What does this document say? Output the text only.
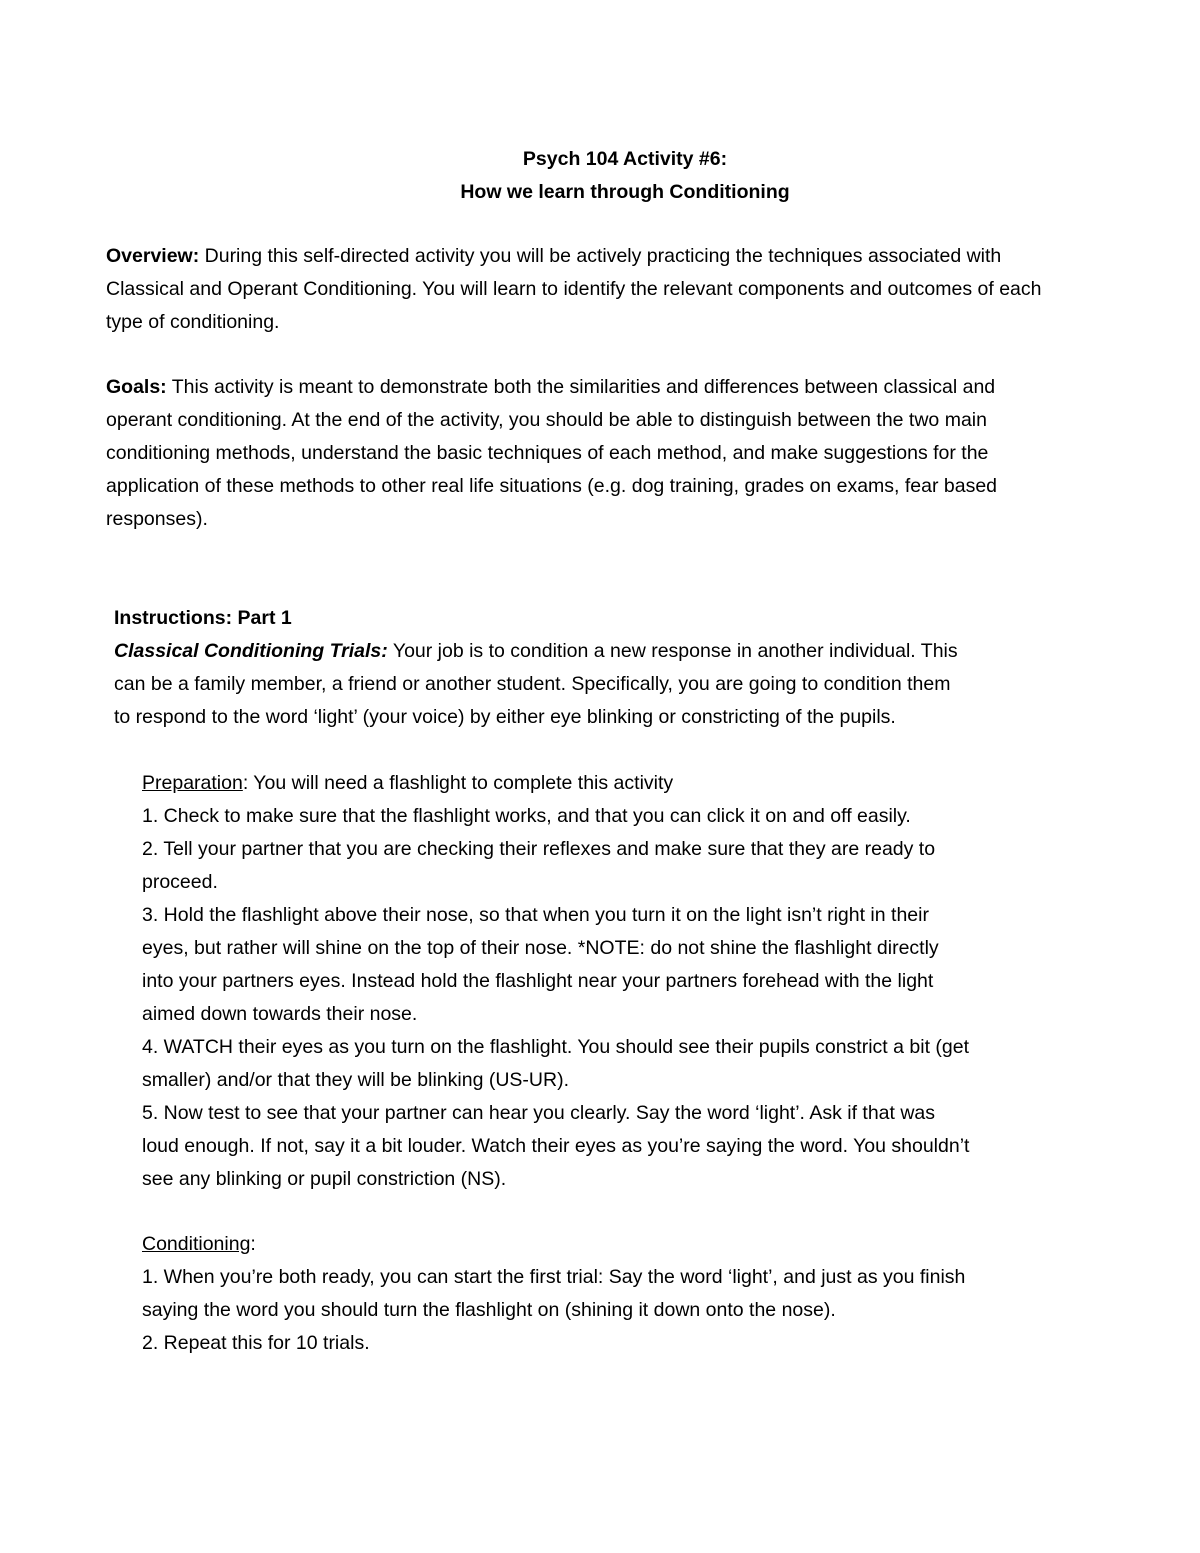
Psych 104 Activity #6:
How we learn through Conditioning
Overview: During this self-directed activity you will be actively practicing the techniques associated with
Classical and Operant Conditioning. You will learn to identify the relevant components and outcomes of each
type of conditioning.
Goals: This activity is meant to demonstrate both the similarities and differences between classical and
operant conditioning. At the end of the activity, you should be able to distinguish between the two main
conditioning methods, understand the basic techniques of each method, and make suggestions for the
application of these methods to other real life situations (e.g. dog training, grades on exams, fear based
responses).
Instructions: Part 1
Classical Conditioning Trials: Your job is to condition a new response in another individual. This
can be a family member, a friend or another student. Specifically, you are going to condition them
to respond to the word ‘light’ (your voice) by either eye blinking or constricting of the pupils.
Preparation: You will need a flashlight to complete this activity
1. Check to make sure that the flashlight works, and that you can click it on and off easily.
2. Tell your partner that you are checking their reflexes and make sure that they are ready to
proceed.
3. Hold the flashlight above their nose, so that when you turn it on the light isn’t right in their
eyes, but rather will shine on the top of their nose. *NOTE: do not shine the flashlight directly
into your partners eyes. Instead hold the flashlight near your partners forehead with the light
aimed down towards their nose.
4. WATCH their eyes as you turn on the flashlight. You should see their pupils constrict a bit (get
smaller) and/or that they will be blinking (US-UR).
5. Now test to see that your partner can hear you clearly. Say the word ‘light’. Ask if that was
loud enough. If not, say it a bit louder. Watch their eyes as you’re saying the word. You shouldn’t
see any blinking or pupil constriction (NS).
Conditioning:
1. When you’re both ready, you can start the first trial: Say the word ‘light’, and just as you finish
saying the word you should turn the flashlight on (shining it down onto the nose).
2. Repeat this for 10 trials.
